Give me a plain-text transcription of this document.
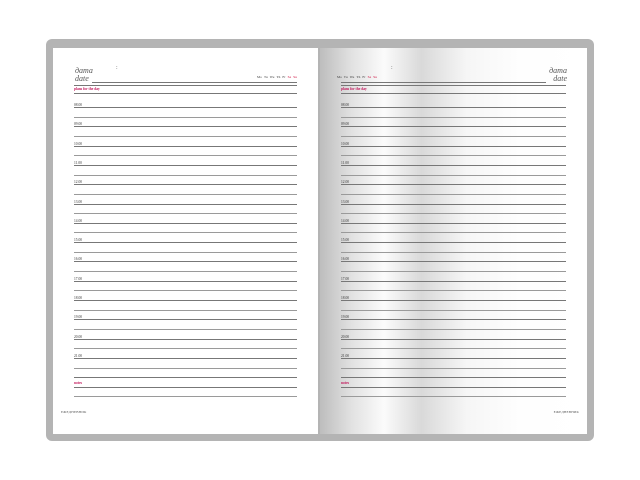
дата
date
:
Mo Tu We Th Fr Sa Su
plans for the day
08.00
09.00
10.00
11.00
12.00
13.00
14.00
15.00
16.00
17.00
18.00
19.00
20.00
21.00
notes
ЕЖЕДНЕВНИК
дата
date
:
Mo Tu We Th Fr Sa Su
plans for the day
08.00
09.00
10.00
11.00
12.00
13.00
14.00
15.00
16.00
17.00
18.00
19.00
20.00
21.00
notes
ЕЖЕДНЕВНИК
